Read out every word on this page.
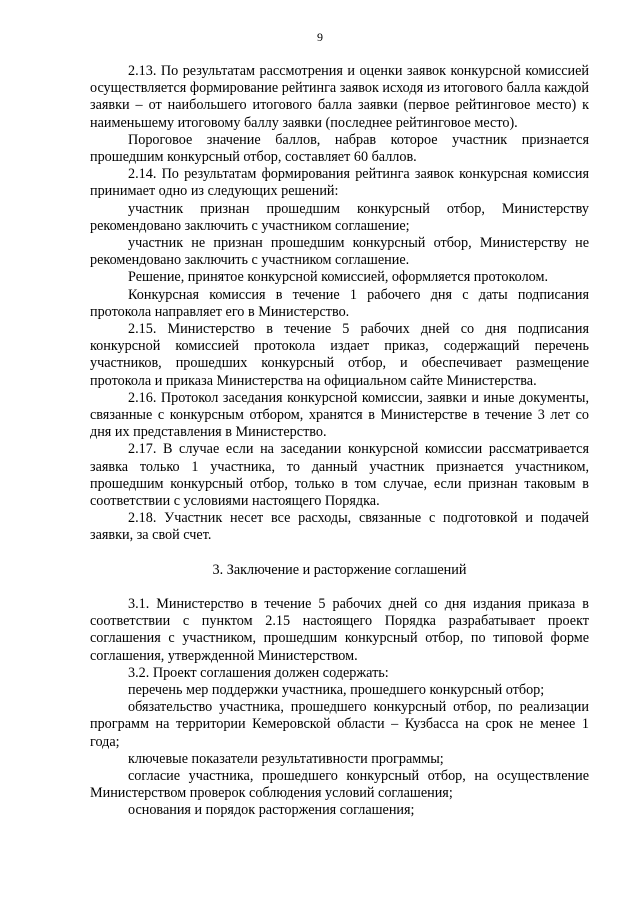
9

2.13. По результатам рассмотрения и оценки заявок конкурсной комиссией осуществляется формирование рейтинга заявок исходя из итогового балла каждой заявки – от наибольшего итогового балла заявки (первое рейтинговое место) к наименьшему итоговому баллу заявки (последнее рейтинговое место).

Пороговое значение баллов, набрав которое участник признается прошедшим конкурсный отбор, составляет 60 баллов.

2.14. По результатам формирования рейтинга заявок конкурсная комиссия принимает одно из следующих решений:

участник признан прошедшим конкурсный отбор, Министерству рекомендовано заключить с участником соглашение;

участник не признан прошедшим конкурсный отбор, Министерству не рекомендовано заключить с участником соглашение.

Решение, принятое конкурсной комиссией, оформляется протоколом.

Конкурсная комиссия в течение 1 рабочего дня с даты подписания протокола направляет его в Министерство.

2.15. Министерство в течение 5 рабочих дней со дня подписания конкурсной комиссией протокола издает приказ, содержащий перечень участников, прошедших конкурсный отбор, и обеспечивает размещение протокола и приказа Министерства на официальном сайте Министерства.

2.16. Протокол заседания конкурсной комиссии, заявки и иные документы, связанные с конкурсным отбором, хранятся в Министерстве в течение 3 лет со дня их представления в Министерство.

2.17. В случае если на заседании конкурсной комиссии рассматривается заявка только 1 участника, то данный участник признается участником, прошедшим конкурсный отбор, только в том случае, если признан таковым в соответствии с условиями настоящего Порядка.

2.18. Участник несет все расходы, связанные с подготовкой и подачей заявки, за свой счет.

3. Заключение и расторжение соглашений

3.1. Министерство в течение 5 рабочих дней со дня издания приказа в соответствии с пунктом 2.15 настоящего Порядка разрабатывает проект соглашения с участником, прошедшим конкурсный отбор, по типовой форме соглашения, утвержденной Министерством.

3.2. Проект соглашения должен содержать:

перечень мер поддержки участника, прошедшего конкурсный отбор;

обязательство участника, прошедшего конкурсный отбор, по реализации программ на территории Кемеровской области – Кузбасса на срок не менее 1 года;

ключевые показатели результативности программы;

согласие участника, прошедшего конкурсный отбор, на осуществление Министерством проверок соблюдения условий соглашения;

основания и порядок расторжения соглашения;
